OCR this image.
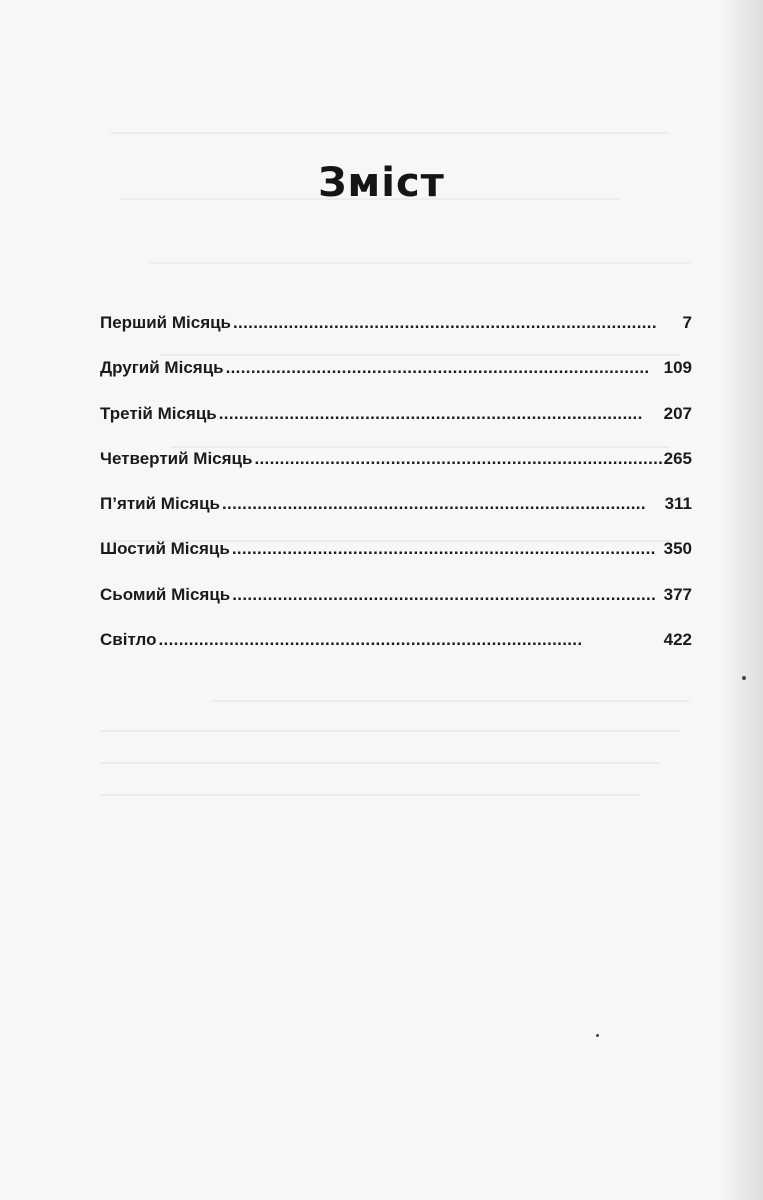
Зміст
Перший Місяць . . .	7
Другий Місяць . . .	109
Третій Місяць . . .	207
Четвертий Місяць . . .	265
П’ятий Місяць . . .	311
Шостий Місяць . . .	350
Сьомий Місяць . . .	377
Світло . . .	422
